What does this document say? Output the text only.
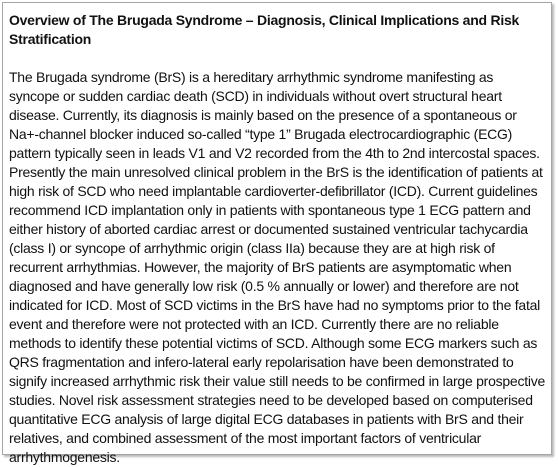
Overview of The Brugada Syndrome – Diagnosis, Clinical Implications and Risk Stratification

The Brugada syndrome (BrS) is a hereditary arrhythmic syndrome manifesting as syncope or sudden cardiac death (SCD) in individuals without overt structural heart disease. Currently, its diagnosis is mainly based on the presence of a spontaneous or Na+-channel blocker induced so-called “type 1” Brugada electrocardiographic (ECG) pattern typically seen in leads V1 and V2 recorded from the 4th to 2nd intercostal spaces. Presently the main unresolved clinical problem in the BrS is the identification of patients at high risk of SCD who need implantable cardioverter-defibrillator (ICD). Current guidelines recommend ICD implantation only in patients with spontaneous type 1 ECG pattern and either history of aborted cardiac arrest or documented sustained ventricular tachycardia (class I) or syncope of arrhythmic origin (class IIa) because they are at high risk of recurrent arrhythmias. However, the majority of BrS patients are asymptomatic when diagnosed and have generally low risk (0.5 % annually or lower) and therefore are not indicated for ICD. Most of SCD victims in the BrS have had no symptoms prior to the fatal event and therefore were not protected with an ICD. Currently there are no reliable methods to identify these potential victims of SCD. Although some ECG markers such as QRS fragmentation and infero-lateral early repolarisation have been demonstrated to signify increased arrhythmic risk their value still needs to be confirmed in large prospective studies. Novel risk assessment strategies need to be developed based on computerised quantitative ECG analysis of large digital ECG databases in patients with BrS and their relatives, and combined assessment of the most important factors of ventricular arrhythmogenesis.
